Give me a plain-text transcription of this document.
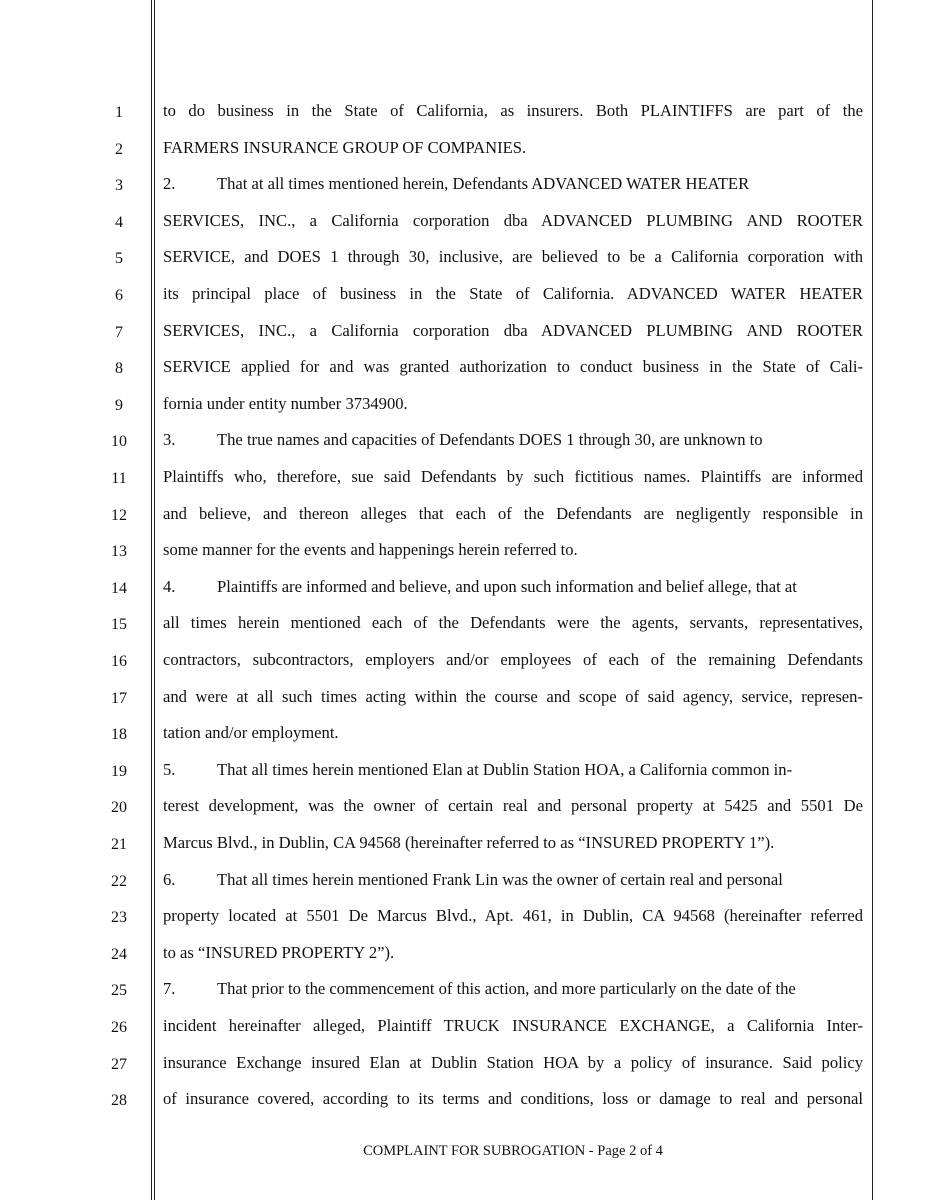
1
2
3
4
5
6
7
8
9
10
11
12
13
14
15
16
17
18
19
20
21
22
23
24
25
26
27
28
to do business in the State of California, as insurers. Both PLAINTIFFS are part of the
FARMERS INSURANCE GROUP OF COMPANIES.
2.	That at all times mentioned herein, Defendants ADVANCED WATER HEATER
SERVICES, INC., a California corporation dba ADVANCED PLUMBING AND ROOTER
SERVICE, and DOES 1 through 30, inclusive, are believed to be a California corporation with
its principal place of business in the State of California. ADVANCED WATER HEATER
SERVICES, INC., a California corporation dba ADVANCED PLUMBING AND ROOTER
SERVICE applied for and was granted authorization to conduct business in the State of Cali-
fornia under entity number 3734900.
3.	The true names and capacities of Defendants DOES 1 through 30, are unknown to
Plaintiffs who, therefore, sue said Defendants by such fictitious names. Plaintiffs are informed
and believe, and thereon alleges that each of the Defendants are negligently responsible in
some manner for the events and happenings herein referred to.
4.	Plaintiffs are informed and believe, and upon such information and belief allege, that at
all times herein mentioned each of the Defendants were the agents, servants, representatives,
contractors, subcontractors, employers and/or employees of each of the remaining Defendants
and were at all such times acting within the course and scope of said agency, service, represen-
tation and/or employment.
5.	That all times herein mentioned Elan at Dublin Station HOA, a California common in-
terest development, was the owner of certain real and personal property at 5425 and 5501 De
Marcus Blvd., in Dublin, CA 94568 (hereinafter referred to as “INSURED PROPERTY 1”).
6.	That all times herein mentioned Frank Lin was the owner of certain real and personal
property located at 5501 De Marcus Blvd., Apt. 461, in Dublin, CA 94568 (hereinafter referred
to as “INSURED PROPERTY 2”).
7.	That prior to the commencement of this action, and more particularly on the date of the
incident hereinafter alleged, Plaintiff TRUCK INSURANCE EXCHANGE, a California Inter-
insurance Exchange insured Elan at Dublin Station HOA by a policy of insurance. Said policy
of insurance covered, according to its terms and conditions, loss or damage to real and personal
COMPLAINT FOR SUBROGATION - Page 2 of 4
